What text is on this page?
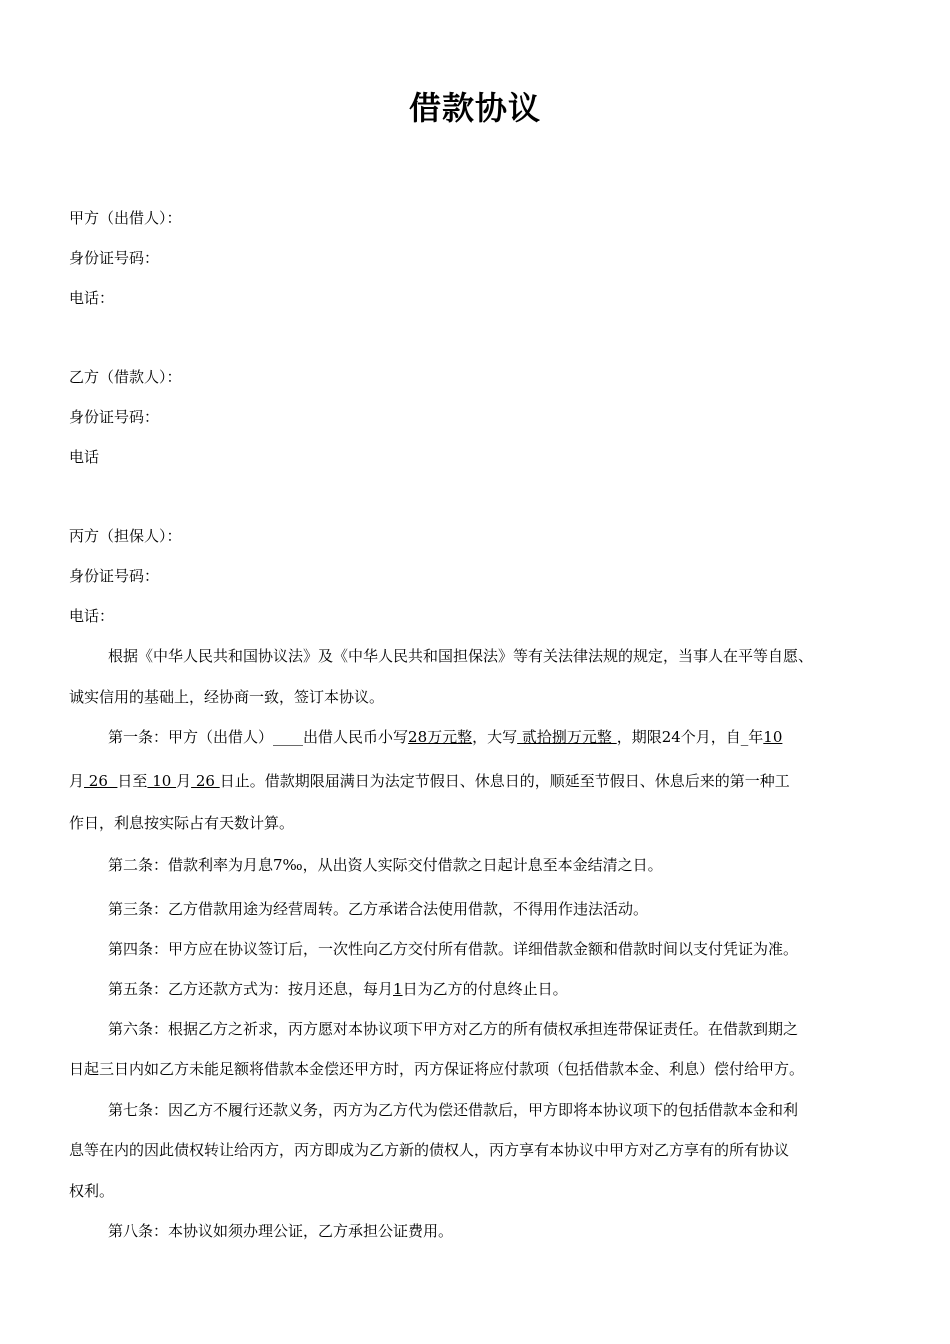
借款协议
甲方（出借人）：
身份证号码：
电话：
乙方（借款人）：
身份证号码：
电话
丙方（担保人）：
身份证号码：
电话：
根据《中华人民共和国协议法》及《中华人民共和国担保法》等有关法律法规的规定，当事人在平等自愿、
诚实信用的基础上，经协商一致，签订本协议。
第一条：甲方（出借人）____出借人民币小写28万元整，大写 贰拾捌万元整 ，期限24个月，自_年10
月 26  日至 10 月 26 日止。借款期限届满日为法定节假日、休息日的，顺延至节假日、休息后来的第一种工
作日，利息按实际占有天数计算。
第二条：借款利率为月息7‰，从出资人实际交付借款之日起计息至本金结清之日。
第三条：乙方借款用途为经营周转。乙方承诺合法使用借款，不得用作违法活动。
第四条：甲方应在协议签订后，一次性向乙方交付所有借款。详细借款金额和借款时间以支付凭证为准。
第五条：乙方还款方式为：按月还息，每月1日为乙方的付息终止日。
第六条：根据乙方之祈求，丙方愿对本协议项下甲方对乙方的所有债权承担连带保证责任。在借款到期之
日起三日内如乙方未能足额将借款本金偿还甲方时，丙方保证将应付款项（包括借款本金、利息）偿付给甲方。
第七条：因乙方不履行还款义务，丙方为乙方代为偿还借款后，甲方即将本协议项下的包括借款本金和利
息等在内的因此债权转让给丙方，丙方即成为乙方新的债权人，丙方享有本协议中甲方对乙方享有的所有协议
权利。
第八条：本协议如须办理公证，乙方承担公证费用。
